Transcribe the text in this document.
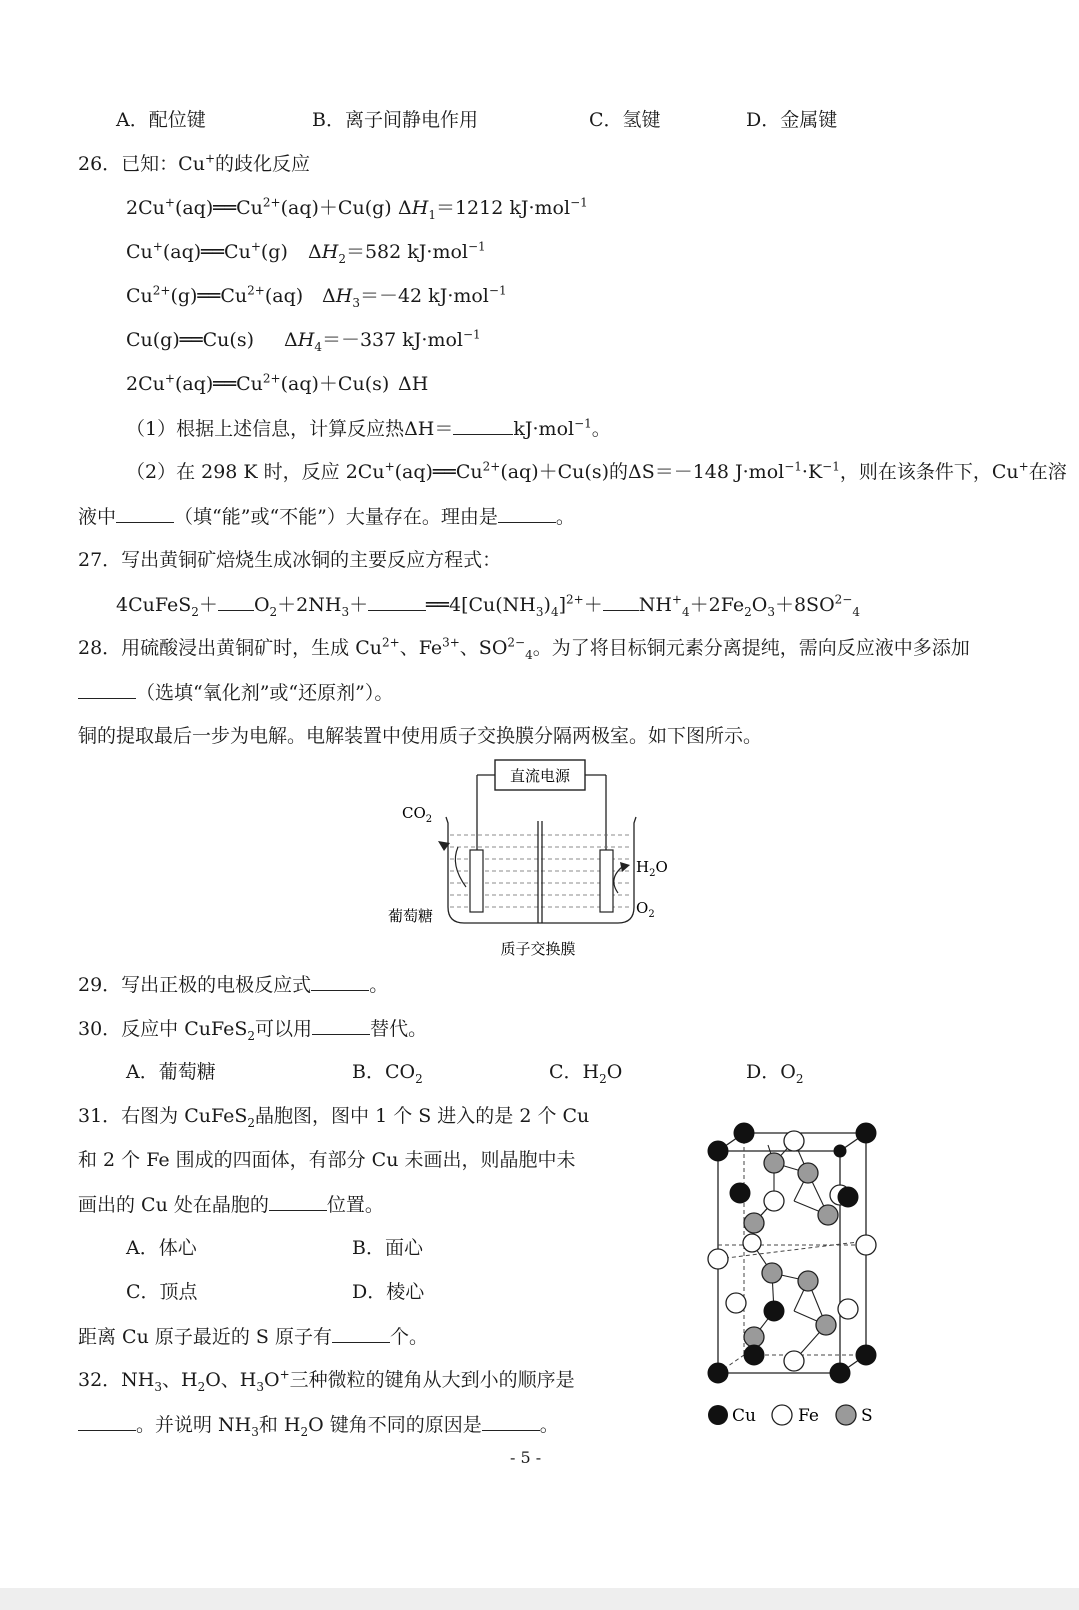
A．配位键	B．离子间静电作用	C．氢键	D．金属键
26．已知：Cu+的歧化反应
$2Cu^+(aq)══Cu^{2+}(aq)+Cu(g)$ $\Delta H_1=1212$ kJ·mol$^{-1}$
Cu+(aq)══Cu+(g) $\Delta H_2=582$ kJ·mol$^{-1}$
$Cu^{2+}(g)══Cu^{2+}(aq)$ $\Delta H_3=-42$ kJ·mol$^{-1}$
Cu(g)══Cu(s) $\Delta H_4=-337$ kJ·mol$^{-1}$
$2Cu^+(aq)══Cu^{2+}(aq)+Cu(s)$ ΔH
（1）根据上述信息，计算反应热ΔH＝	kJ·mol$^{-1}$。
（2）在 298 K 时，反应 $2Cu^+(aq)══Cu^{2+}(aq)+Cu(s)$的ΔS＝－148 $J\cdot mol^{-1}\cdot K^{-1}$，则在该条件下，Cu+在溶
液中	（填“能”或“不能”）大量存在。理由是	。
27．写出黄铜矿焙烧生成冰铜的主要反应方程式：
4CuFeS$_2$＋ $O_2+2NH_3+$	$══4[Cu(NH_3)_4]^{2+}+ NH^+_4+2Fe_2O_3+8SO^{2-}_4$
28．用硫酸浸出黄铜矿时，生成 $Cu^{2+}$、$Fe^{3+}$、$SO^{2-}_4$。为了将目标铜元素分离提纯，需向反应液中多添加
（选填“氧化剂”或“还原剂”）。
铜的提取最后一步为电解。电解装置中使用质子交换膜分隔两极室。如下图所示。
直流电源
$CO_2$
$H_2O$
$O_2$
葡萄糖
质子交换膜
29．写出正极的电极反应式	。
30．反应中 CuFeS$_2$可以用	替代。
A．葡萄糖	B．$CO_2$	C．$H_2O$	D．$O_2$
31．右图为 CuFeS$_2$晶胞图，图中 1 个 S 进入的是 2 个 Cu
和 2 个 Fe 围成的四面体，有部分 Cu 未画出，则晶胞中未
画出的 Cu 处在晶胞的	位置。
A．体心	B．面心
C．顶点	D．棱心
距离 Cu 原子最近的 S 原子有	个。
32．$NH_3$、$H_2O$、$H_3O^+$三种微粒的键角从大到小的顺序是
。并说明 $NH_3$和 $H_2O$ 键角不同的原因是	。	Cu Fe S
- 5 -
